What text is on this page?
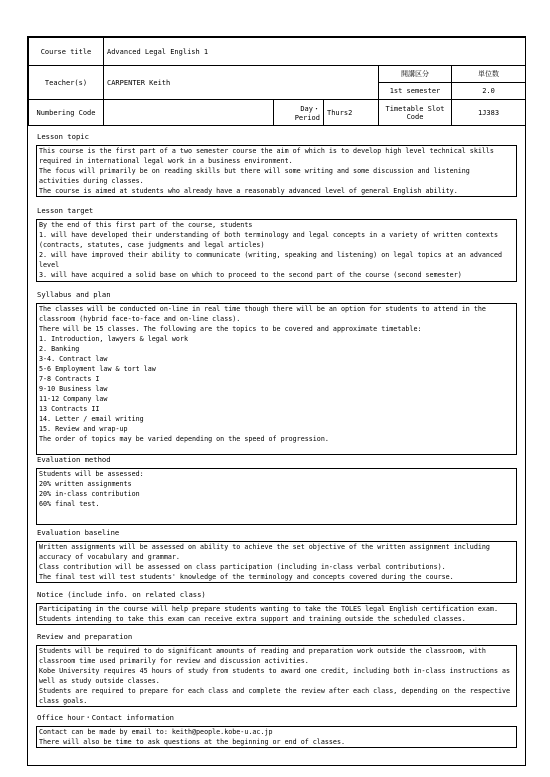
Course title	Advanced Legal English 1				
Teacher(s)	CARPENTER Keith			開講区分	単位数
				1st semester	2.0
Numbering Code		Day・Period	Thurs2	Timetable Slot Code	1J383
Lesson topic
This course is the first part of a two semester course the aim of which is to develop high level technical skills required in international legal work in a business environment.
The focus will primarily be on reading skills but there will some writing and some discussion and listening activities during classes.
The course is aimed at students who already have a reasonably advanced level of general English ability.
Lesson target
By the end of this first part of the course, students
1. will have developed their understanding of both terminology and legal concepts in a variety of written contexts (contracts, statutes, case judgments and legal articles)
2. will have improved their ability to communicate (writing, speaking and listening) on legal topics at an advanced level
3. will have acquired a solid base on which to proceed to the second part of the course (second semester)
Syllabus and plan
The classes will be conducted on-line in real time though there will be an option for students to attend in the classroom (hybrid face-to-face and on-line class).
There will be 15 classes. The following are the topics to be covered and approximate timetable:
1. Introduction, lawyers & legal work
2. Banking
3-4. Contract law
5-6 Employment law & tort law
7-8 Contracts I
9-10 Business law
11-12 Company law
13 Contracts II
14. Letter / email writing
15. Review and wrap-up
The order of topics may be varied depending on the speed of progression.
Evaluation method
Students will be assessed:
20% written assignments
20% in-class contribution
60% final test.
Evaluation baseline
Written assignments will be assessed on ability to achieve the set objective of the written assignment including accuracy of vocabulary and grammar.
Class contribution will be assessed on class participation (including in-class verbal contributions).
The final test will test students' knowledge of the terminology and concepts covered during the course.
Notice (include info. on related class)
Participating in the course will help prepare students wanting to take the TOLES legal English certification exam.
Students intending to take this exam can receive extra support and training outside the scheduled classes.
Review and preparation
Students will be required to do significant amounts of reading and preparation work outside the classroom, with classroom time used primarily for review and discussion activities.
Kobe University requires 45 hours of study from students to award one credit, including both in-class instructions as well as study outside classes.
Students are required to prepare for each class and complete the review after each class, depending on the respective class goals.
Office hour・Contact information
Contact can be made by email to: keith@people.kobe-u.ac.jp
There will also be time to ask questions at the beginning or end of classes.
